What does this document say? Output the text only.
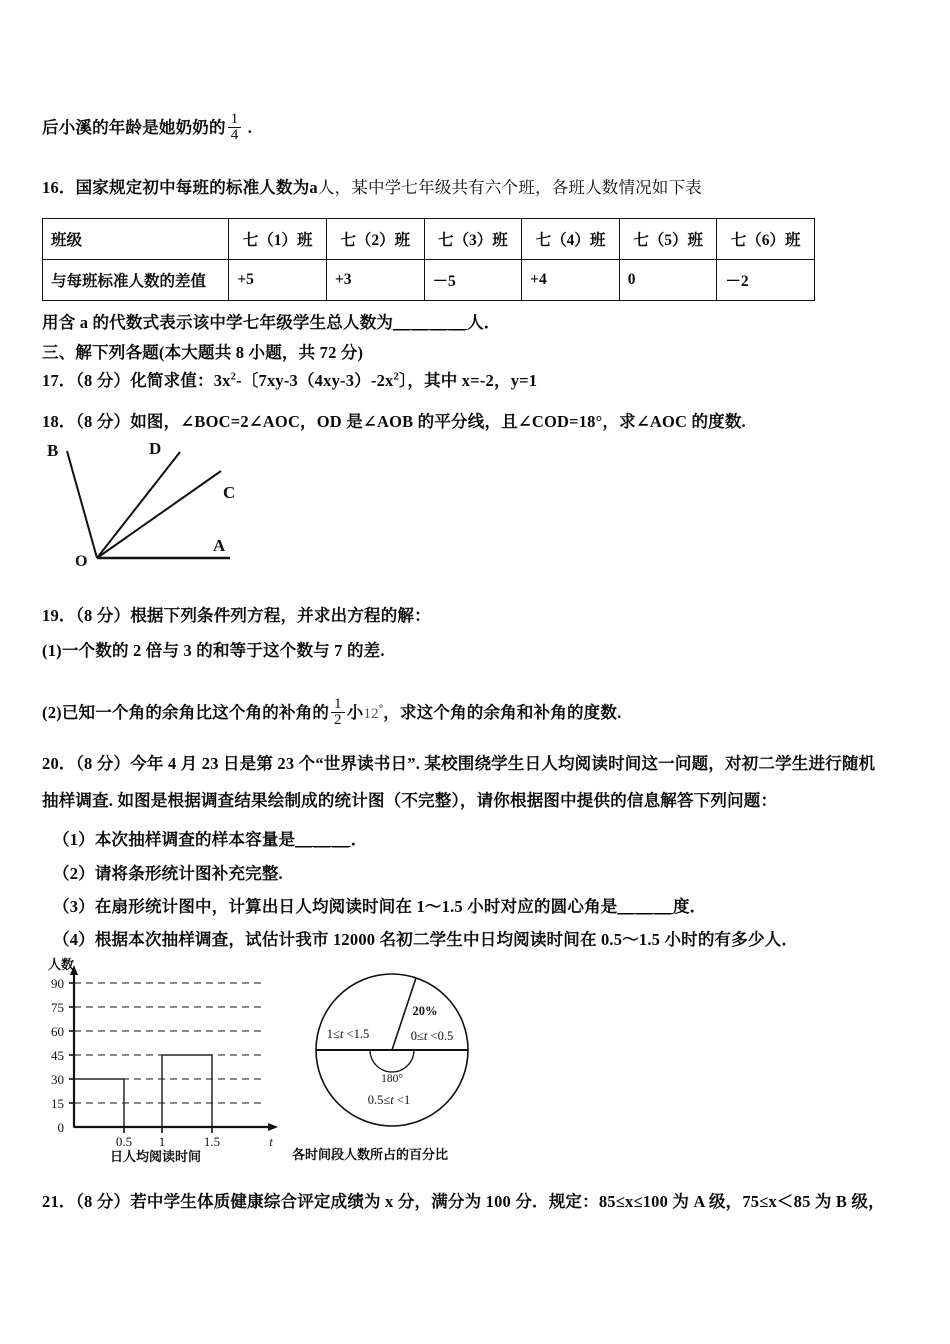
后小溪的年龄是她奶奶的 $\frac{1}{4}$ .
16．国家规定初中每班的标准人数为a人，某中学七年级共有六个班，各班人数情况如下表
班级	七（1）班	七（2）班	七（3）班	七（4）班	七（5）班	七（6）班
与每班标准人数的差值	+5	+3	－5	+4	0	－2
用含 a 的代数式表示该中学七年级学生总人数为＿＿＿＿人．
三、解下列各题(本大题共 8 小题，共 72 分)
17．（8 分）化简求值：$3x^2-$〔$7xy-3(4xy-3)-2x^2$〕，其中 x=-2，y=1
18．（8 分）如图，∠BOC=2∠AOC，OD 是∠AOB 的平分线，且∠COD=18°，求∠AOC 的度数.
B	D
C
A
O
19．（8 分）根据下列条件列方程，并求出方程的解：
(1)一个数的 2 倍与 3 的和等于这个数与 7 的差.
(2)已知一个角的余角比这个角的补角的 $\frac{1}{2}$ 小12°，求这个角的余角和补角的度数.
20．（8 分）今年 4 月 23 日是第 23 个“世界读书日”. 某校围绕学生日人均阅读时间这一问题，对初二学生进行随机
抽样调查. 如图是根据调查结果绘制成的统计图（不完整），请你根据图中提供的信息解答下列问题：
（1）本次抽样调查的样本容量是＿＿＿．
（2）请将条形统计图补充完整.
（3）在扇形统计图中，计算出日人均阅读时间在 1～1.5 小时对应的圆心角是＿＿＿度．
（4）根据本次抽样调查，试估计我市 12000 名初二学生中日均阅读时间在 0.5～1.5 小时的有多少人．
90
75
60
45
30
15
0
0.5 1	1.5	t
人数
日人均阅读时间
20%
0≤t <0.5
1≤t <1.5
180°
0.5≤t <1
各时间段人数所占的百分比
21．（8 分）若中学生体质健康综合评定成绩为 x 分，满分为 100 分．规定：85≤x≤100 为 A 级，75≤x＜85 为 B 级，
